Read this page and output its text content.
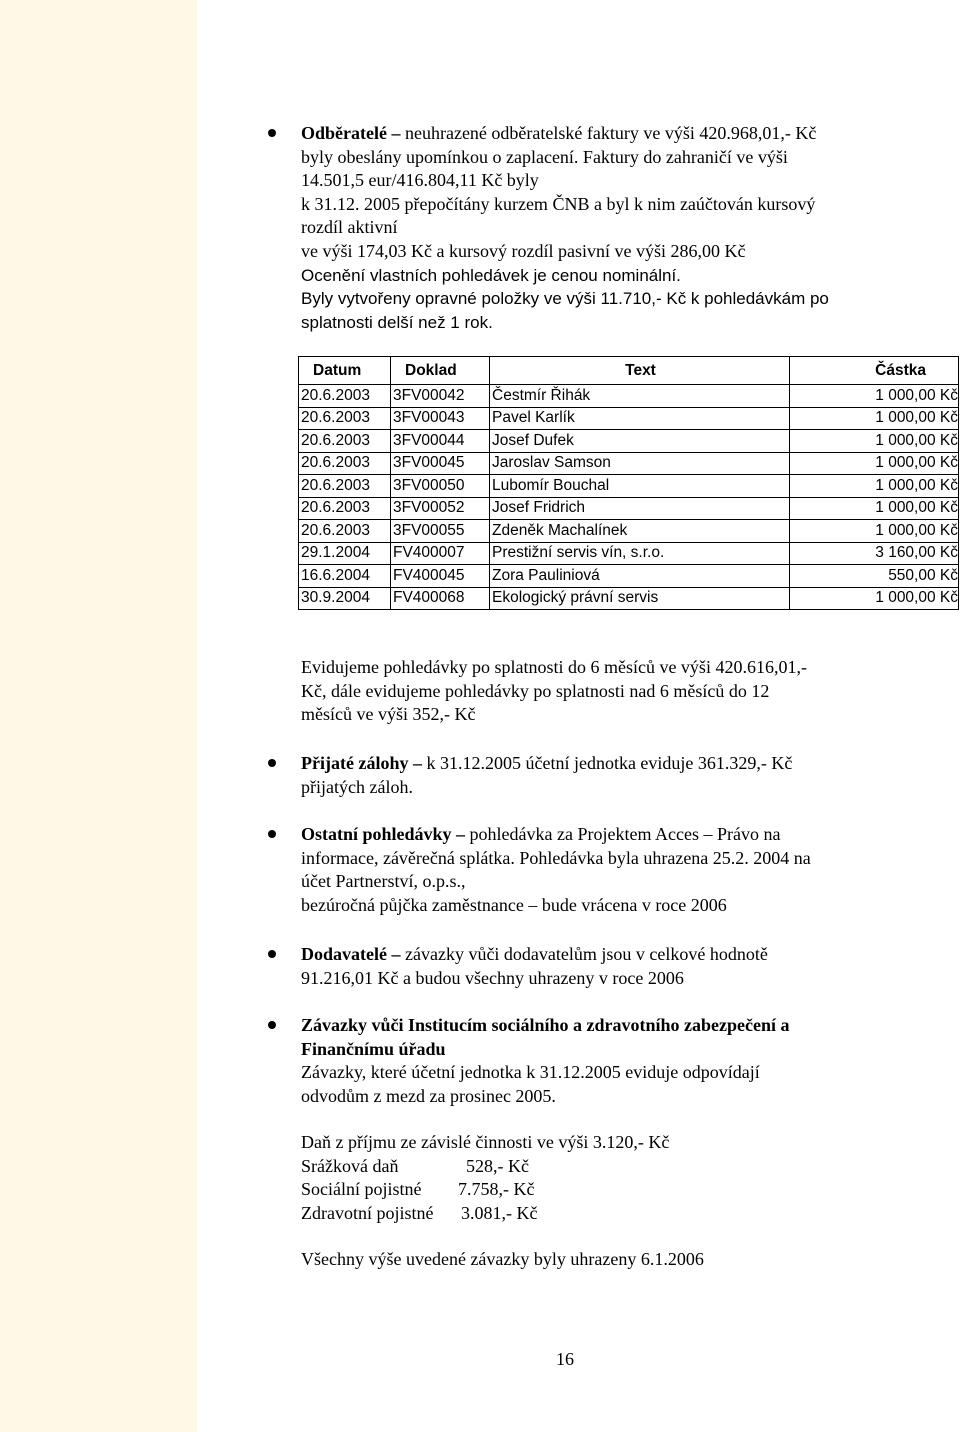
Odběratelé – neuhrazené odběratelské faktury ve výši 420.968,01,- Kč
byly obeslány upomínkou o zaplacení. Faktury do zahraničí ve výši
14.501,5 eur/416.804,11 Kč byly
k 31.12. 2005 přepočítány kurzem ČNB a byl k nim zaúčtován kursový
rozdíl aktivní
ve výši 174,03 Kč a kursový rozdíl pasivní ve výši 286,00 Kč
Ocenění vlastních pohledávek je cenou nominální.
Byly vytvořeny opravné položky ve výši 11.710,- Kč k pohledávkám po
splatnosti delší než 1 rok.
Datum	Doklad	Text	Částka
20.6.2003	3FV00042	Čestmír Řihák	1 000,00 Kč
20.6.2003	3FV00043	Pavel Karlík	1 000,00 Kč
20.6.2003	3FV00044	Josef Dufek	1 000,00 Kč
20.6.2003	3FV00045	Jaroslav Samson	1 000,00 Kč
20.6.2003	3FV00050	Lubomír Bouchal	1 000,00 Kč
20.6.2003	3FV00052	Josef Fridrich	1 000,00 Kč
20.6.2003	3FV00055	Zdeněk Machalínek	1 000,00 Kč
29.1.2004	FV400007	Prestižní servis vín, s.r.o.	3 160,00 Kč
16.6.2004	FV400045	Zora Pauliniová	550,00 Kč
30.9.2004	FV400068	Ekologický právní servis	1 000,00 Kč
Evidujeme pohledávky po splatnosti do 6 měsíců ve výši 420.616,01,-
Kč, dále evidujeme pohledávky po splatnosti nad 6 měsíců do 12
měsíců ve výši 352,- Kč
Přijaté zálohy – k 31.12.2005 účetní jednotka eviduje 361.329,- Kč
přijatých záloh.
Ostatní pohledávky – pohledávka za Projektem Acces – Právo na
informace, závěrečná splátka. Pohledávka byla uhrazena 25.2. 2004 na
účet Partnerství, o.p.s.,
bezúročná půjčka zaměstnance – bude vrácena v roce 2006
Dodavatelé – závazky vůči dodavatelům jsou v celkové hodnotě
91.216,01 Kč a budou všechny uhrazeny v roce 2006
Závazky vůči Institucím sociálního a zdravotního zabezpečení a
Finančnímu úřadu
Závazky, které účetní jednotka k 31.12.2005 eviduje odpovídají
odvodům z mezd za prosinec 2005.
Daň z příjmu ze závislé činnosti ve výši 3.120,- Kč
Srážková daň	528,- Kč
Sociální pojistné 7.758,- Kč
Zdravotní pojistné 3.081,- Kč
Všechny výše uvedené závazky byly uhrazeny 6.1.2006
16
